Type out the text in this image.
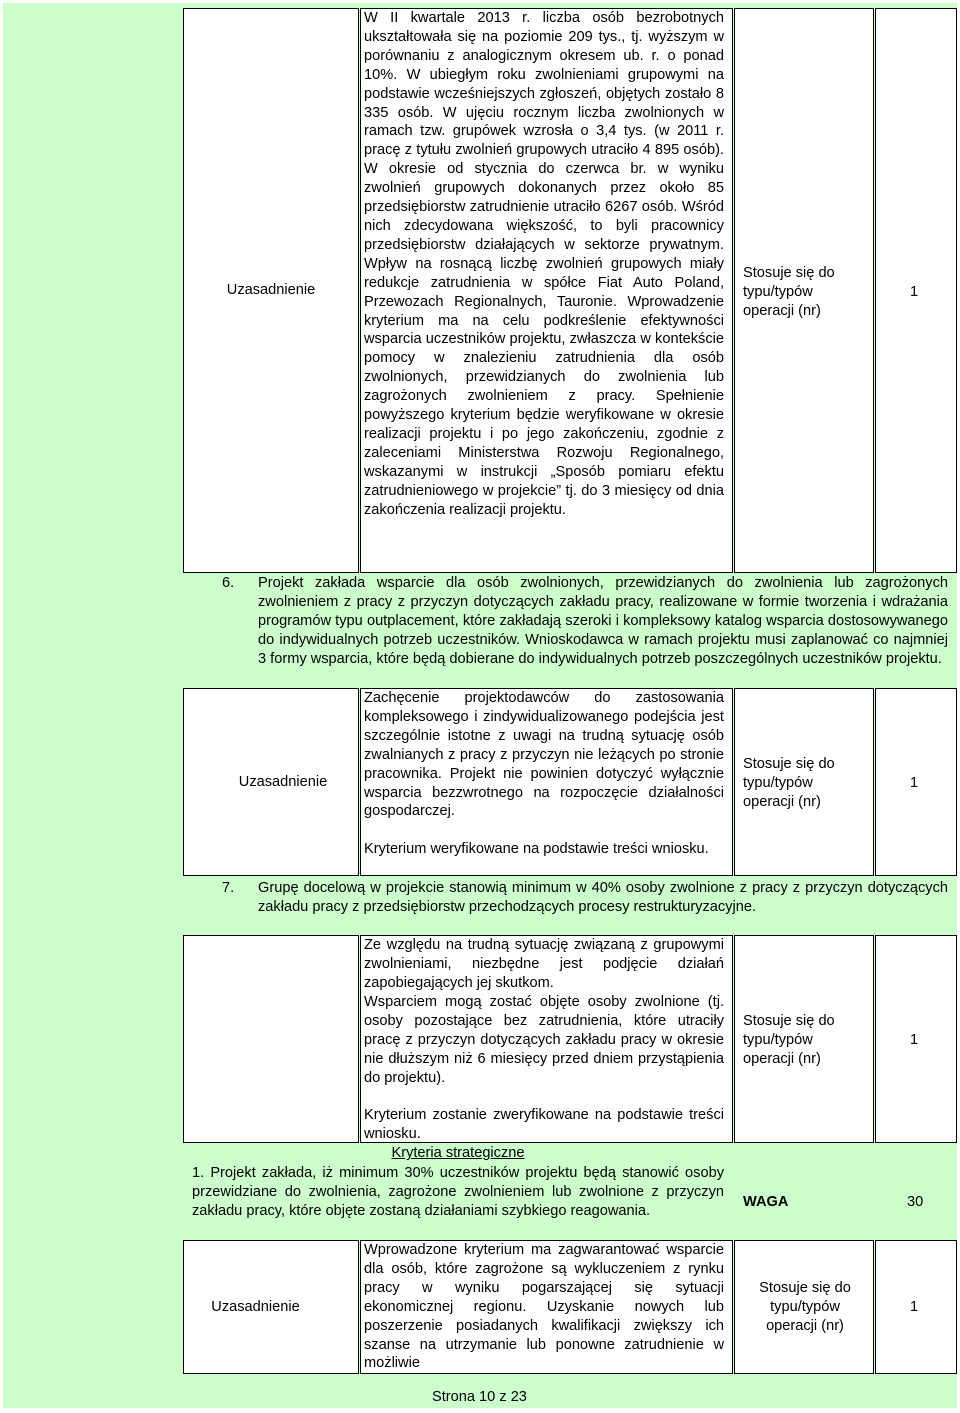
Uzasadnienie
W II kwartale 2013 r. liczba osób bezrobotnych ukształtowała się na poziomie 209 tys., tj. wyższym w porównaniu z analogicznym okresem ub. r. o ponad 10%. W ubiegłym roku zwolnieniami grupowymi na podstawie wcześniejszych zgłoszeń, objętych zostało 8 335 osób. W ujęciu rocznym liczba zwolnionych w ramach tzw. grupówek wzrosła o 3,4 tys. (w 2011 r. pracę z tytułu zwolnień grupowych utraciło 4 895 osób). W okresie od stycznia do czerwca br. w wyniku zwolnień grupowych dokonanych przez około 85 przedsiębiorstw zatrudnienie utraciło 6267 osób. Wśród nich zdecydowana większość, to byli pracownicy przedsiębiorstw działających w sektorze prywatnym. Wpływ na rosnącą liczbę zwolnień grupowych miały redukcje zatrudnienia w spółce Fiat Auto Poland, Przewozach Regionalnych, Tauronie. Wprowadzenie kryterium ma na celu podkreślenie efektywności wsparcia uczestników projektu, zwłaszcza w kontekście pomocy w znalezieniu zatrudnienia dla osób zwolnionych, przewidzianych do zwolnienia lub zagrożonych zwolnieniem z pracy. Spełnienie powyższego kryterium będzie weryfikowane w okresie realizacji projektu i po jego zakończeniu, zgodnie z zaleceniami Ministerstwa Rozwoju Regionalnego, wskazanymi w instrukcji „Sposób pomiaru efektu zatrudnieniowego w projekcie” tj. do 3 miesięcy od dnia zakończenia realizacji projektu.
Stosuje się do typu/typów operacji (nr)
1
6. Projekt zakłada wsparcie dla osób zwolnionych, przewidzianych do zwolnienia lub zagrożonych zwolnieniem z pracy z przyczyn dotyczących zakładu pracy, realizowane w formie tworzenia i wdrażania programów typu outplacement, które zakładają szeroki i kompleksowy katalog wsparcia dostosowywanego do indywidualnych potrzeb uczestników. Wnioskodawca w ramach projektu musi zaplanować co najmniej 3 formy wsparcia, które będą dobierane do indywidualnych potrzeb poszczególnych uczestników projektu.
Uzasadnienie
Zachęcenie projektodawców do zastosowania kompleksowego i zindywidualizowanego podejścia jest szczególnie istotne z uwagi na trudną sytuację osób zwalnianych z pracy z przyczyn nie leżących po stronie pracownika. Projekt nie powinien dotyczyć wyłącznie wsparcia bezzwrotnego na rozpoczęcie działalności gospodarczej.
Kryterium weryfikowane na podstawie treści wniosku.
Stosuje się do typu/typów operacji (nr)
1
7. Grupę docelową w projekcie stanowią minimum w 40% osoby zwolnione z pracy z przyczyn dotyczących zakładu pracy z przedsiębiorstw przechodzących procesy restrukturyzacyjne.
Ze względu na trudną sytuację związaną z grupowymi zwolnieniami, niezbędne jest podjęcie działań zapobiegających jej skutkom.
Wsparciem mogą zostać objęte osoby zwolnione (tj. osoby pozostające bez zatrudnienia, które utraciły pracę z przyczyn dotyczących zakładu pracy w okresie nie dłuższym niż 6 miesięcy przed dniem przystąpienia do projektu).
Kryterium zostanie zweryfikowane na podstawie treści wniosku.
Stosuje się do typu/typów operacji (nr)
1
Kryteria strategiczne
1. Projekt zakłada, iż minimum 30% uczestników projektu będą stanowić osoby przewidziane do zwolnienia, zagrożone zwolnieniem lub zwolnione z przyczyn zakładu pracy, które objęte zostaną działaniami szybkiego reagowania.
WAGA	30
Uzasadnienie
Wprowadzone kryterium ma zagwarantować wsparcie dla osób, które zagrożone są wykluczeniem z rynku pracy w wyniku pogarszającej się sytuacji ekonomicznej regionu. Uzyskanie nowych lub poszerzenie posiadanych kwalifikacji zwiększy ich szanse na utrzymanie lub ponowne zatrudnienie w możliwie
Stosuje się do typu/typów operacji (nr)
1
Strona 10 z 23
